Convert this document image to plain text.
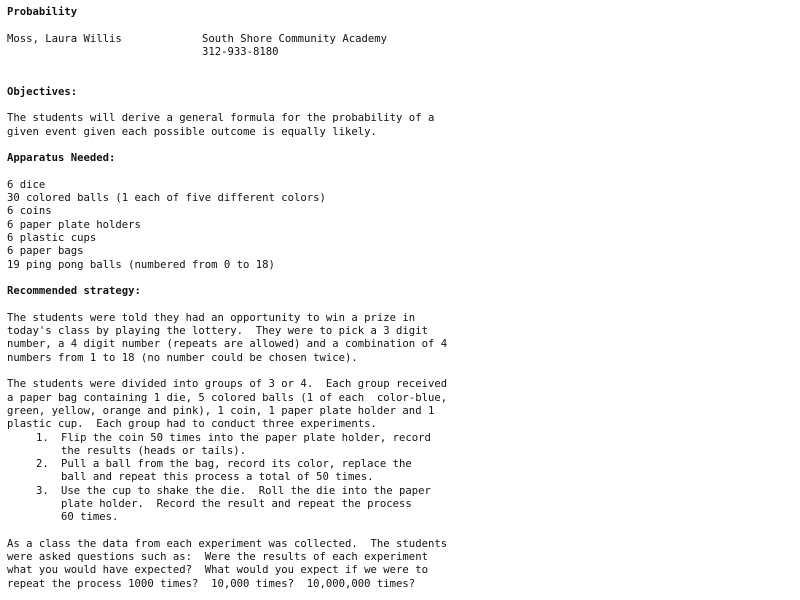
Probability
Moss, Laura Willis	South Shore Community Academy
312-933-8180
Objectives:
The students will derive a general formula for the probability of a
given event given each possible outcome is equally likely.
Apparatus Needed:
6 dice
30 colored balls (1 each of five different colors)
6 coins
6 paper plate holders
6 plastic cups
6 paper bags
19 ping pong balls (numbered from 0 to 18)
Recommended strategy:
The students were told they had an opportunity to win a prize in
today's class by playing the lottery.  They were to pick a 3 digit
number, a 4 digit number (repeats are allowed) and a combination of 4
numbers from 1 to 18 (no number could be chosen twice).
The students were divided into groups of 3 or 4.  Each group received
a paper bag containing 1 die, 5 colored balls (1 of each  color-blue,
green, yellow, orange and pink), 1 coin, 1 paper plate holder and 1
plastic cup.  Each group had to conduct three experiments.
1.	Flip the coin 50 times into the paper plate holder, record
the results (heads or tails).
2.	Pull a ball from the bag, record its color, replace the
ball and repeat this process a total of 50 times.
3.	Use the cup to shake the die.  Roll the die into the paper
plate holder.  Record the result and repeat the process
60 times.
As a class the data from each experiment was collected.  The students
were asked questions such as:  Were the results of each experiment
what you would have expected?  What would you expect if we were to
repeat the process 1000 times?  10,000 times?  10,000,000 times?
